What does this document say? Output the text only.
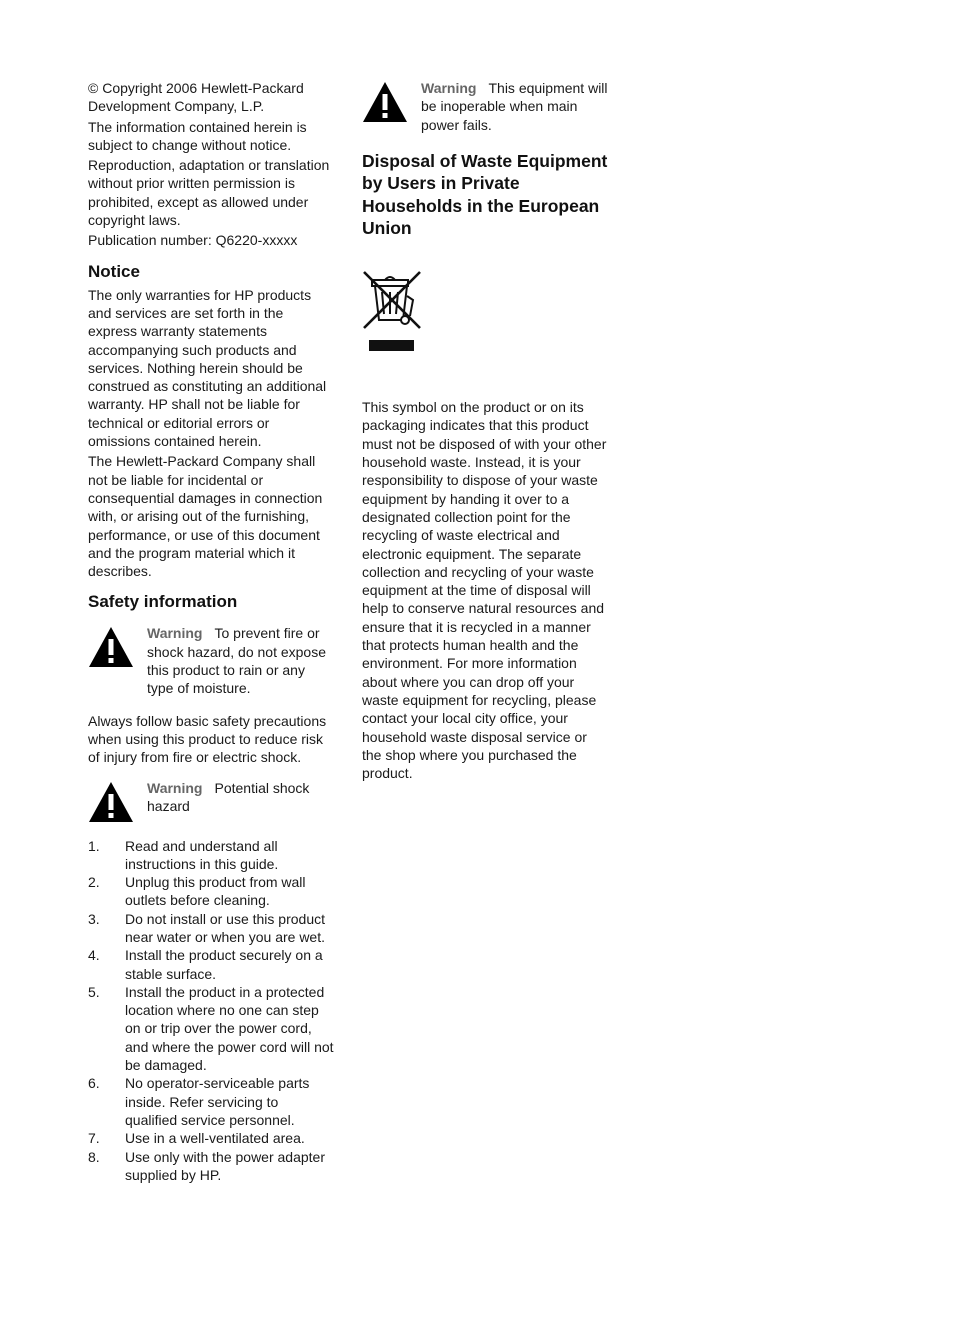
© Copyright 2006 Hewlett-Packard Development Company, L.P.

The information contained herein is subject to change without notice.

Reproduction, adaptation or translation without prior written permission is prohibited, except as allowed under copyright laws.

Publication number: Q6220-xxxxx

Notice

The only warranties for HP products and services are set forth in the express warranty statements accompanying such products and services. Nothing herein should be construed as constituting an additional warranty. HP shall not be liable for technical or editorial errors or omissions contained herein.

The Hewlett-Packard Company shall not be liable for incidental or consequential damages in connection with, or arising out of the furnishing, performance, or use of this document and the program material which it describes.

Safety information
Warning To prevent fire or shock hazard, do not expose this product to rain or any type of moisture.

Always follow basic safety precautions when using this product to reduce risk of injury from fire or electric shock.

Warning Potential shock hazard
1.	Read and understand all instructions in this guide.
2.	Unplug this product from wall outlets before cleaning.
3.	Do not install or use this product near water or when you are wet.
4.	Install the product securely on a stable surface.
5.	Install the product in a protected location where no one can step on or trip over the power cord, and where the power cord will not be damaged.
6.	No operator-serviceable parts inside. Refer servicing to qualified service personnel.
7.	Use in a well-ventilated area.
8.	Use only with the power adapter supplied by HP.
Warning This equipment will be inoperable when main power fails.
Disposal of Waste Equipment by Users in Private Households in the European Union

This symbol on the product or on its packaging indicates that this product must not be disposed of with your other household waste. Instead, it is your responsibility to dispose of your waste equipment by handing it over to a designated collection point for the recycling of waste electrical and electronic equipment. The separate collection and recycling of your waste equipment at the time of disposal will help to conserve natural resources and ensure that it is recycled in a manner that protects human health and the environment. For more information about where you can drop off your waste equipment for recycling, please contact your local city office, your household waste disposal service or the shop where you purchased the product.
